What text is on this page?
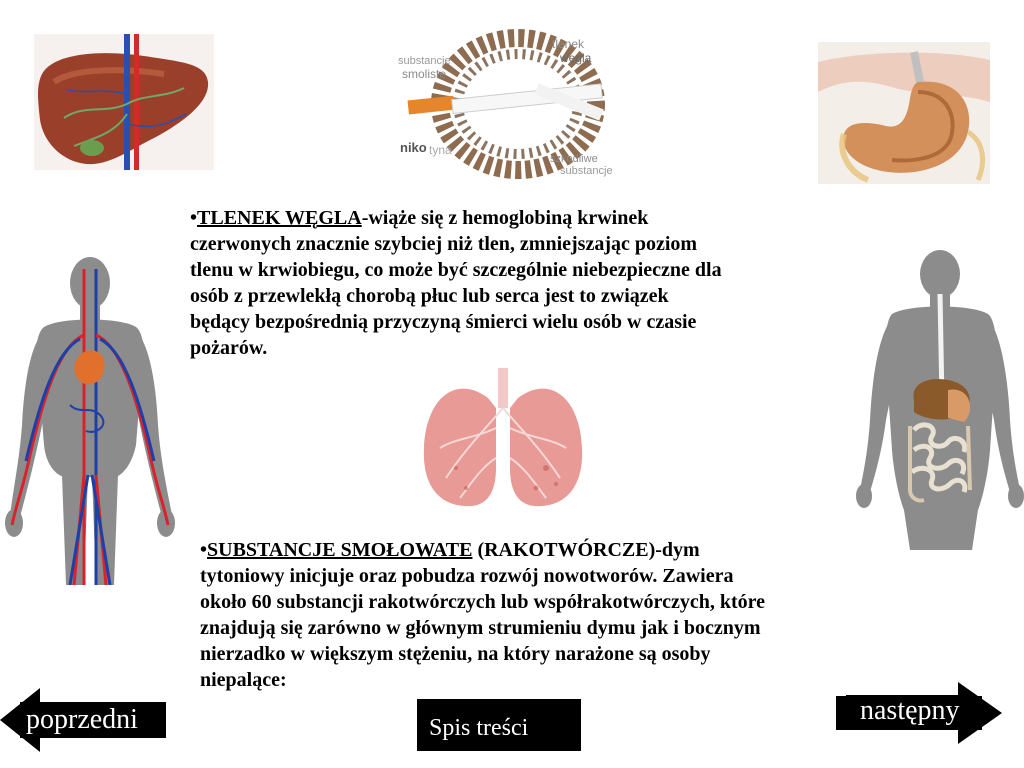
substancje
smoliste
tlenek
węgla
niko tyna
szkodliwe
substancje
•TLENEK WĘGLA-wiąże się z hemoglobiną krwinek
czerwonych znacznie szybciej niż tlen, zmniejszając poziom
tlenu w krwiobiegu, co może być szczególnie niebezpieczne dla
osób z przewlekłą chorobą płuc lub serca jest to związek
będący bezpośrednią przyczyną śmierci wielu osób w czasie
pożarów.
•SUBSTANCJE SMOŁOWATE (RAKOTWÓRCZE)-dym
tytoniowy inicjuje oraz pobudza rozwój nowotworów. Zawiera
około 60 substancji rakotwórczych lub współrakotwórczych, które
znajdują się zarówno w głównym strumieniu dymu jak i bocznym
nierzadko w większym stężeniu, na który narażone są osoby
niepalące:
poprzedni	Spis treści
następny
